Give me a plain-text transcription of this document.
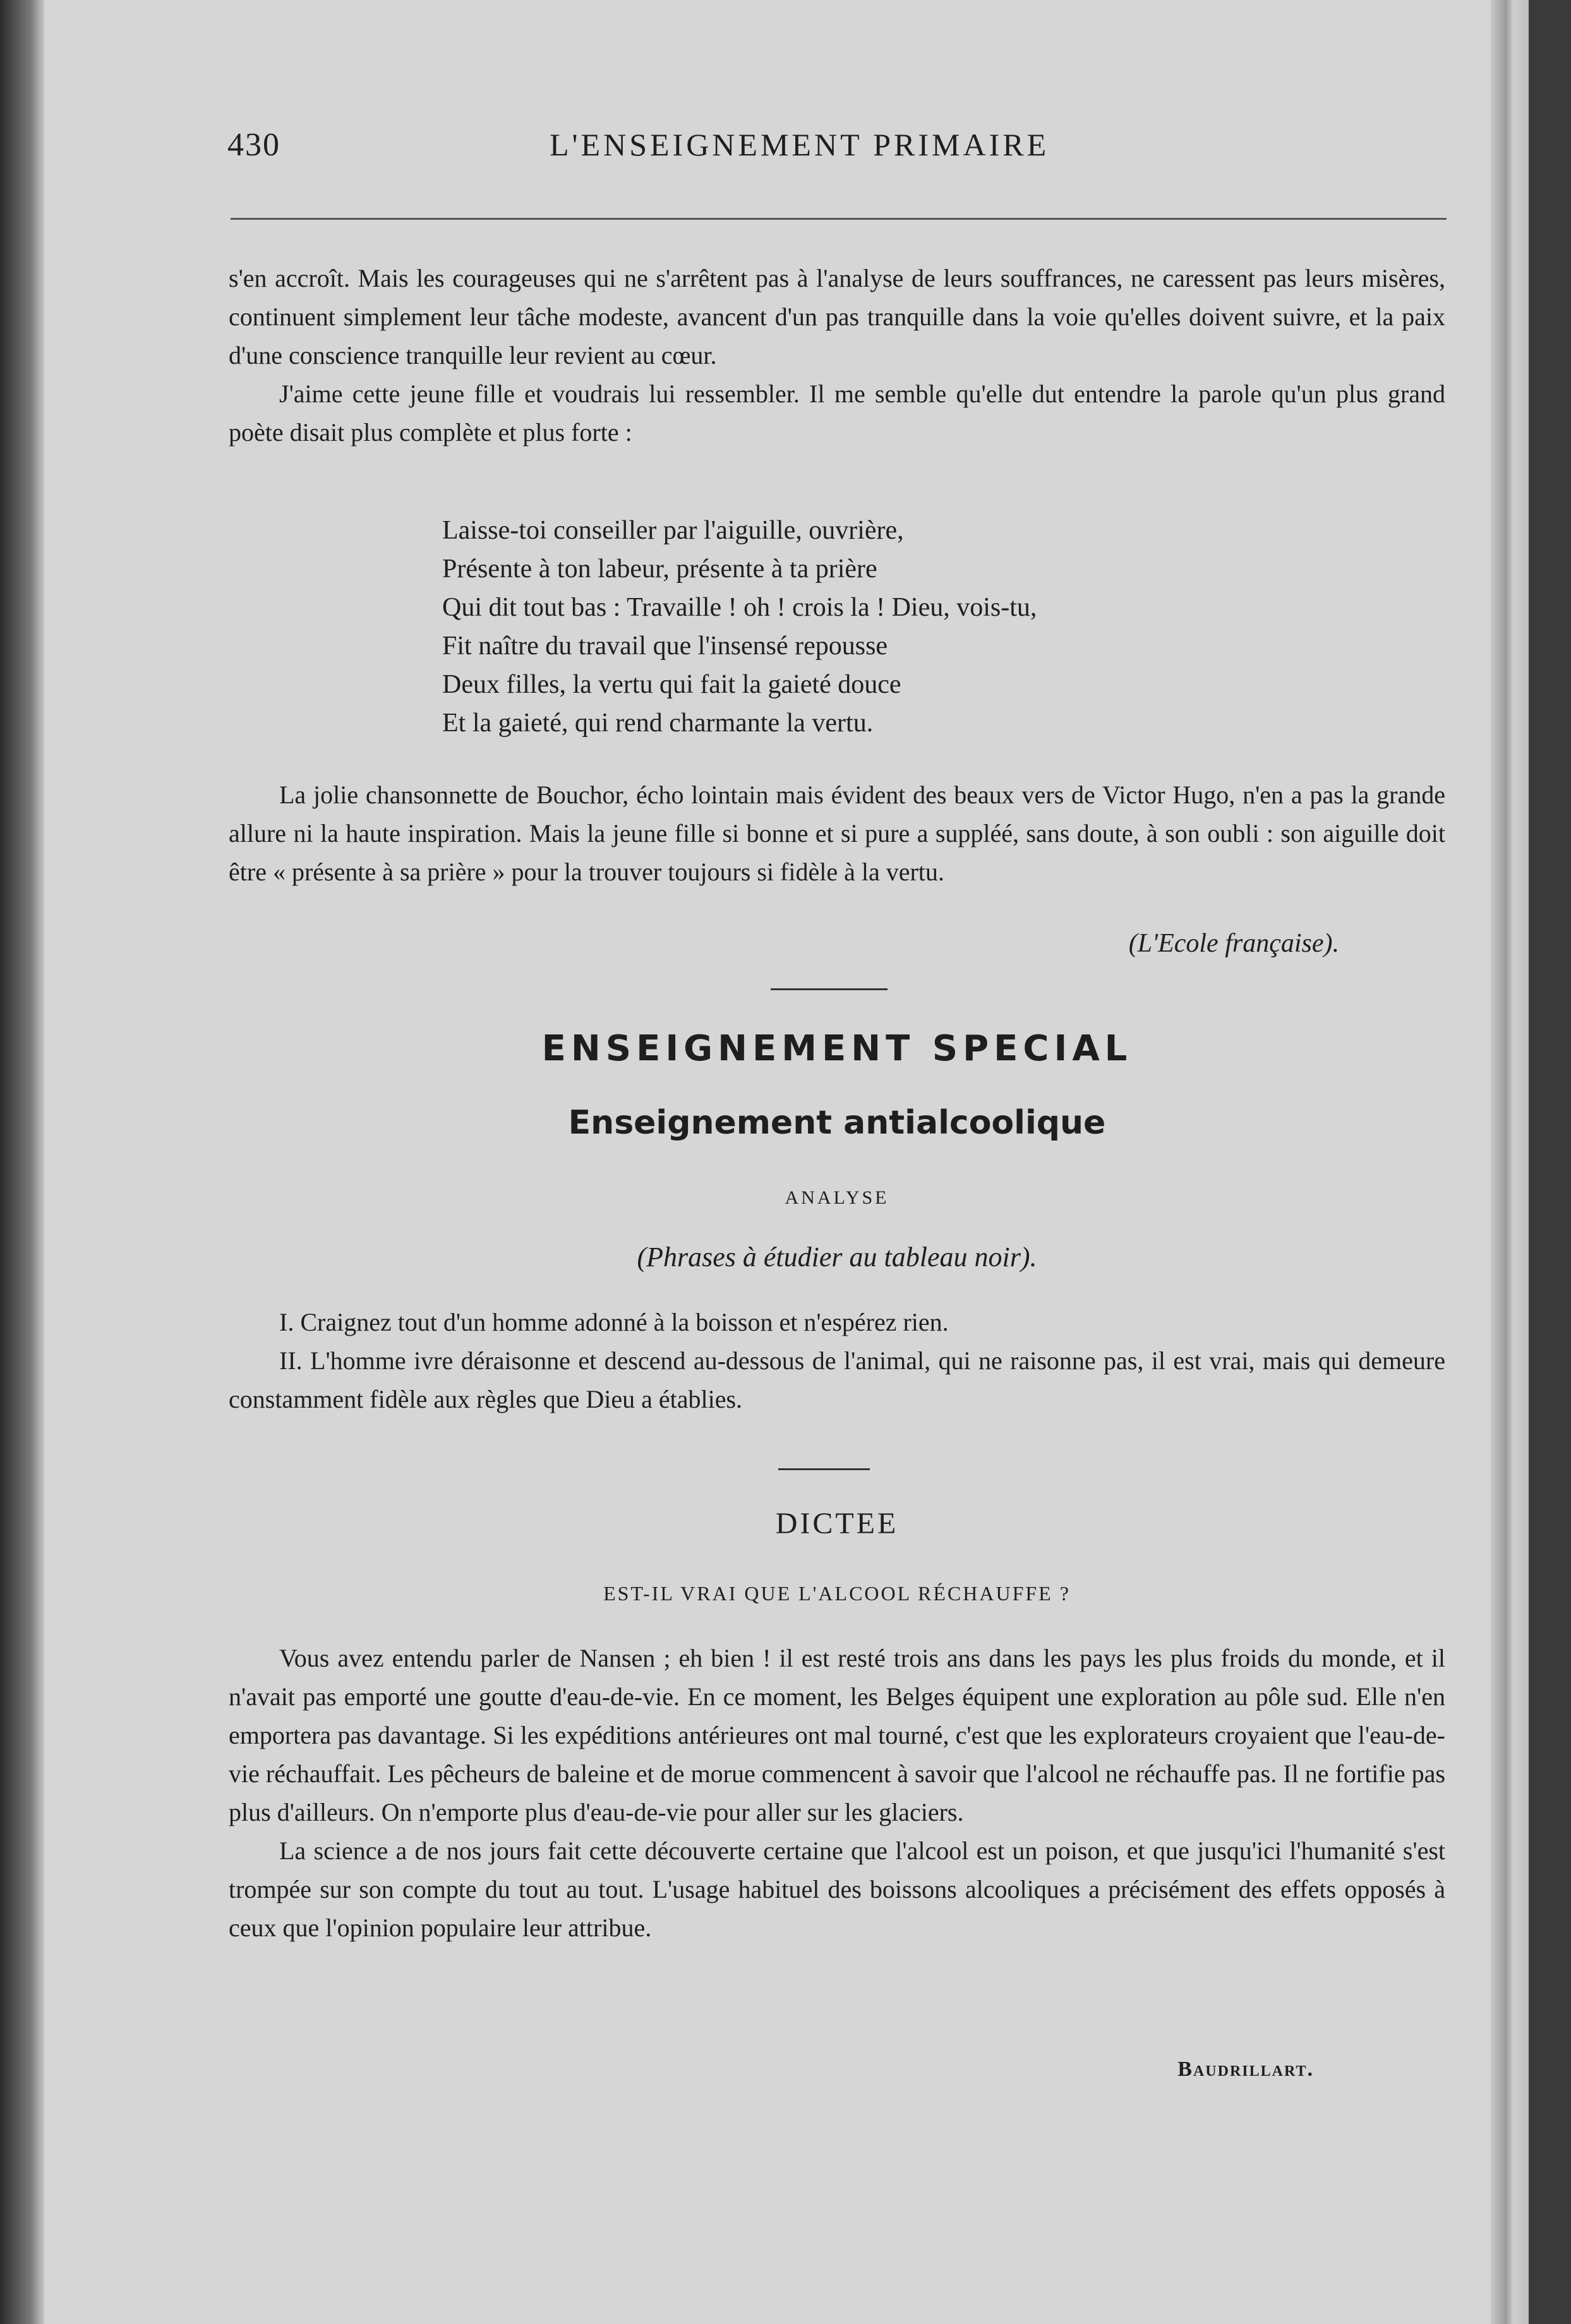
430	L'ENSEIGNEMENT PRIMAIRE

s'en accroît. Mais les courageuses qui ne s'arrêtent pas à l'analyse de leurs souffrances, ne caressent pas leurs misères, continuent simplement leur tâche modeste, avancent d'un pas tranquille dans la voie qu'elles doivent suivre, et la paix d'une conscience tranquille leur revient au cœur.

J'aime cette jeune fille et voudrais lui ressembler. Il me semble qu'elle dut entendre la parole qu'un plus grand poète disait plus complète et plus forte :

Laisse-toi conseiller par l'aiguille, ouvrière,
Présente à ton labeur, présente à ta prière
Qui dit tout bas : Travaille ! oh ! crois la ! Dieu, vois-tu,
Fit naître du travail que l'insensé repousse
Deux filles, la vertu qui fait la gaieté douce
Et la gaieté, qui rend charmante la vertu.

La jolie chansonnette de Bouchor, écho lointain mais évident des beaux vers de Victor Hugo, n'en a pas la grande allure ni la haute inspiration. Mais la jeune fille si bonne et si pure a suppléé, sans doute, à son oubli : son aiguille doit être « présente à sa prière » pour la trouver toujours si fidèle à la vertu.

(L'Ecole française).
ENSEIGNEMENT SPECIAL
Enseignement antialcoolique
ANALYSE
(Phrases à étudier au tableau noir).

I. Craignez tout d'un homme adonné à la boisson et n'espérez rien.

II. L'homme ivre déraisonne et descend au-dessous de l'animal, qui ne raisonne pas, il est vrai, mais qui demeure constamment fidèle aux règles que Dieu a établies.

DICTEE
EST-IL VRAI QUE L'ALCOOL RÉCHAUFFE ?

Vous avez entendu parler de Nansen ; eh bien ! il est resté trois ans dans les pays les plus froids du monde, et il n'avait pas emporté une goutte d'eau-de-vie. En ce moment, les Belges équipent une exploration au pôle sud. Elle n'en emportera pas davantage. Si les expéditions antérieures ont mal tourné, c'est que les explorateurs croyaient que l'eau-de-vie réchauffait. Les pêcheurs de baleine et de morue commencent à savoir que l'alcool ne réchauffe pas. Il ne fortifie pas plus d'ailleurs. On n'emporte plus d'eau-de-vie pour aller sur les glaciers.

La science a de nos jours fait cette découverte certaine que l'alcool est un poison, et que jusqu'ici l'humanité s'est trompée sur son compte du tout au tout. L'usage habituel des boissons alcooliques a précisément des effets opposés à ceux que l'opinion populaire leur attribue.

Baudrillart.
